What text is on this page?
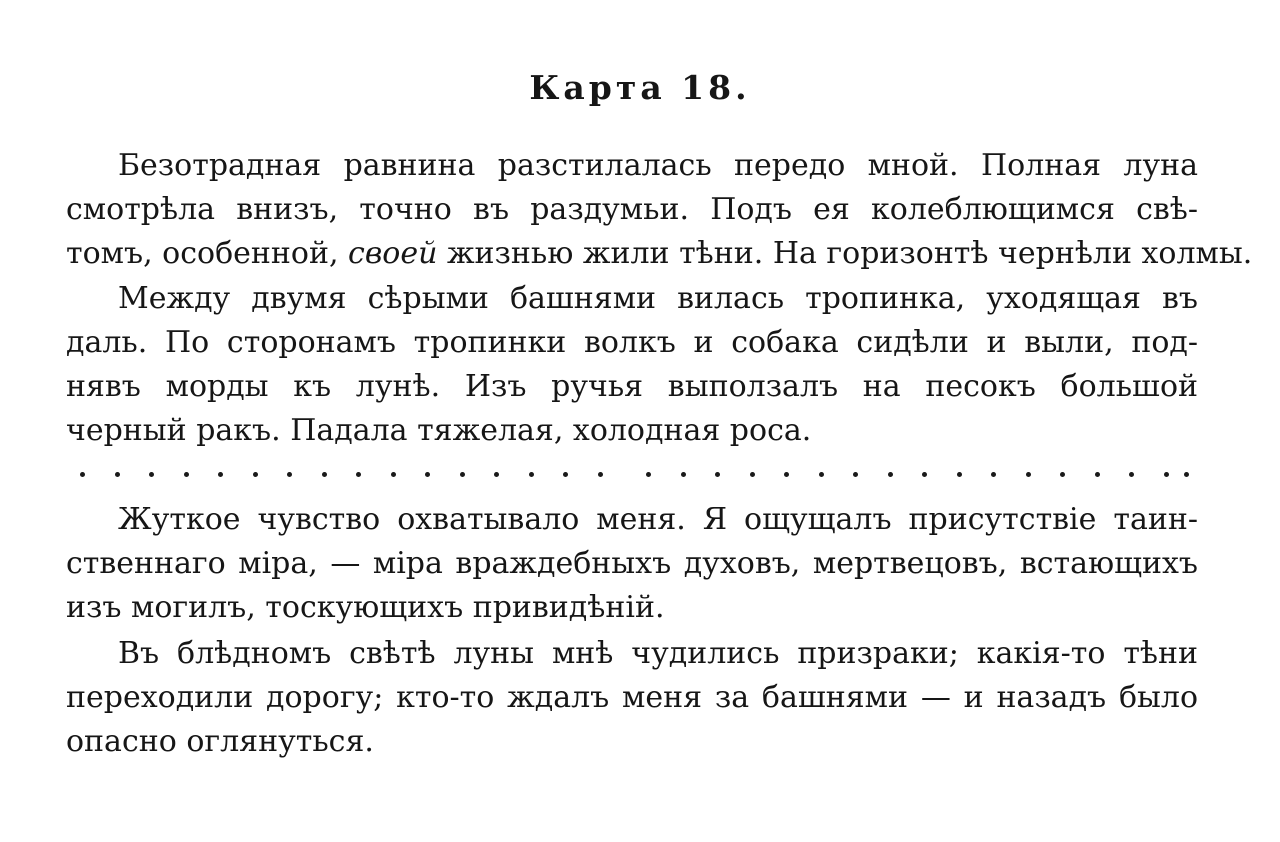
Карта 18.
Безотрадная равнина разстилалась передо мной. Полная луна
смотрѣла внизъ, точно въ раздумьи. Подъ ея колеблющимся свѣ-
томъ, особенной, своей жизнью жили тѣни. На горизонтѣ чернѣли холмы.
Между двумя сѣрыми башнями вилась тропинка, уходящая въ
даль. По сторонамъ тропинки волкъ и собака сидѣли и выли, под-
нявъ морды къ лунѣ. Изъ ручья выползалъ на песокъ большой
черный ракъ. Падала тяжелая, холодная роса.
Жуткое чувство охватывало меня. Я ощущалъ присутствіе таин-
ственнаго міра, — міра враждебныхъ духовъ, мертвецовъ, встающихъ
изъ могилъ, тоскующихъ привидѣній.
Въ блѣдномъ свѣтѣ луны мнѣ чудились призраки; какія-то тѣни
переходили дорогу; кто-то ждалъ меня за башнями — и назадъ было
опасно оглянуться.
